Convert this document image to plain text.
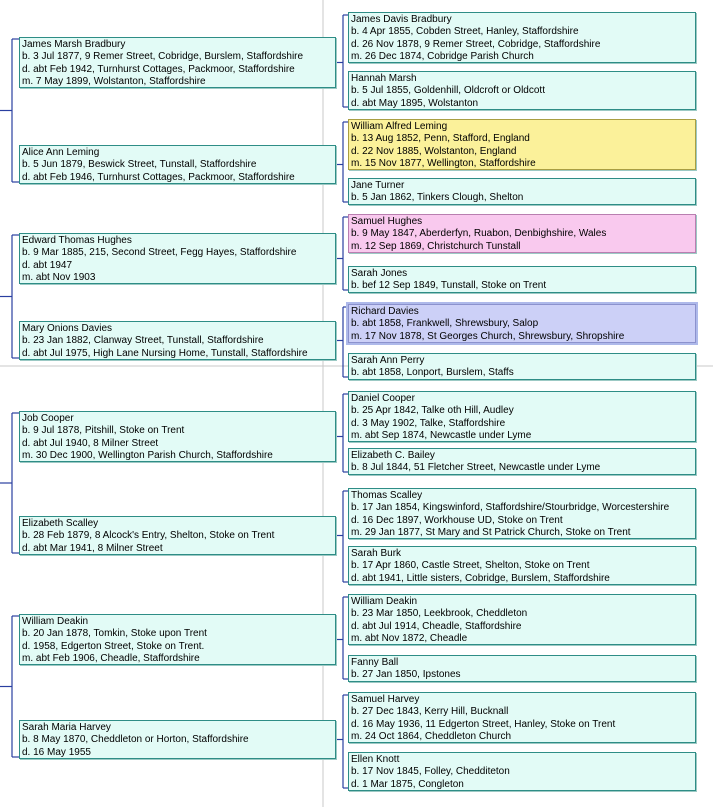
James Marsh Bradbury
b. 3 Jul 1877, 9 Remer Street, Cobridge, Burslem, Staffordshire
d. abt Feb 1942, Turnhurst Cottages, Packmoor, Staffordshire
m. 7 May 1899, Wolstanton, Staffordshire
Alice Ann Leming
b. 5 Jun 1879, Beswick Street, Tunstall, Staffordshire
d. abt Feb 1946, Turnhurst Cottages, Packmoor, Staffordshire
Edward Thomas Hughes
b. 9 Mar 1885, 215, Second Street, Fegg Hayes, Staffordshire
d. abt 1947
m. abt Nov 1903
Mary Onions Davies
b. 23 Jan 1882, Clanway Street, Tunstall, Staffordshire
d. abt Jul 1975, High Lane Nursing Home, Tunstall, Staffordshire
Job Cooper
b. 9 Jul 1878, Pitshill, Stoke on Trent
d. abt Jul 1940, 8 Milner Street
m. 30 Dec 1900, Wellington Parish Church, Staffordshire
Elizabeth Scalley
b. 28 Feb 1879, 8 Alcock's Entry, Shelton, Stoke on Trent
d. abt Mar 1941, 8 Milner Street
William Deakin
b. 20 Jan 1878, Tomkin, Stoke upon Trent
d. 1958, Edgerton Street, Stoke on Trent.
m. abt Feb 1906, Cheadle, Staffordshire
Sarah Maria Harvey
b. 8 May 1870, Cheddleton or Horton, Staffordshire
d. 16 May 1955
James Davis Bradbury
b. 4 Apr 1855, Cobden Street, Hanley, Staffordshire
d. 26 Nov 1878, 9 Remer Street, Cobridge, Staffordshire
m. 26 Dec 1874, Cobridge Parish Church
Hannah Marsh
b. 5 Jul 1855, Goldenhill, Oldcroft or Oldcott
d. abt May 1895, Wolstanton
William Alfred Leming
b. 13 Aug 1852, Penn, Stafford, England
d. 22 Nov 1885, Wolstanton, England
m. 15 Nov 1877, Wellington, Staffordshire
Jane Turner
b. 5 Jan 1862, Tinkers Clough, Shelton
Samuel Hughes
b. 9 May 1847, Aberderfyn, Ruabon, Denbighshire, Wales
m. 12 Sep 1869, Christchurch Tunstall
Sarah Jones
b. bef 12 Sep 1849, Tunstall, Stoke on Trent
Richard Davies
b. abt 1858, Frankwell, Shrewsbury, Salop
m. 17 Nov 1878, St Georges Church, Shrewsbury, Shropshire
Sarah Ann Perry
b. abt 1858, Lonport, Burslem, Staffs
Daniel Cooper
b. 25 Apr 1842, Talke oth Hill, Audley
d. 3 May 1902, Talke, Staffordshire
m. abt Sep 1874, Newcastle under Lyme
Elizabeth C. Bailey
b. 8 Jul 1844, 51 Fletcher Street, Newcastle under Lyme
Thomas Scalley
b. 17 Jan 1854, Kingswinford, Staffordshire/Stourbridge, Worcestershire
d. 16 Dec 1897, Workhouse UD, Stoke on Trent
m. 29 Jan 1877, St Mary and St Patrick Church, Stoke on Trent
Sarah Burk
b. 17 Apr 1860, Castle Street, Shelton, Stoke on Trent
d. abt 1941, Little sisters, Cobridge, Burslem, Staffordshire
William Deakin
b. 23 Mar 1850, Leekbrook, Cheddleton
d. abt Jul 1914, Cheadle, Staffordshire
m. abt Nov 1872, Cheadle
Fanny Ball
b. 27 Jan 1850, Ipstones
Samuel Harvey
b. 27 Dec 1843, Kerry Hill, Bucknall
d. 16 May 1936, 11 Edgerton Street, Hanley, Stoke on Trent
m. 24 Oct 1864, Cheddleton Church
Ellen Knott
b. 17 Nov 1845, Folley, Chedditeton
d. 1 Mar 1875, Congleton
